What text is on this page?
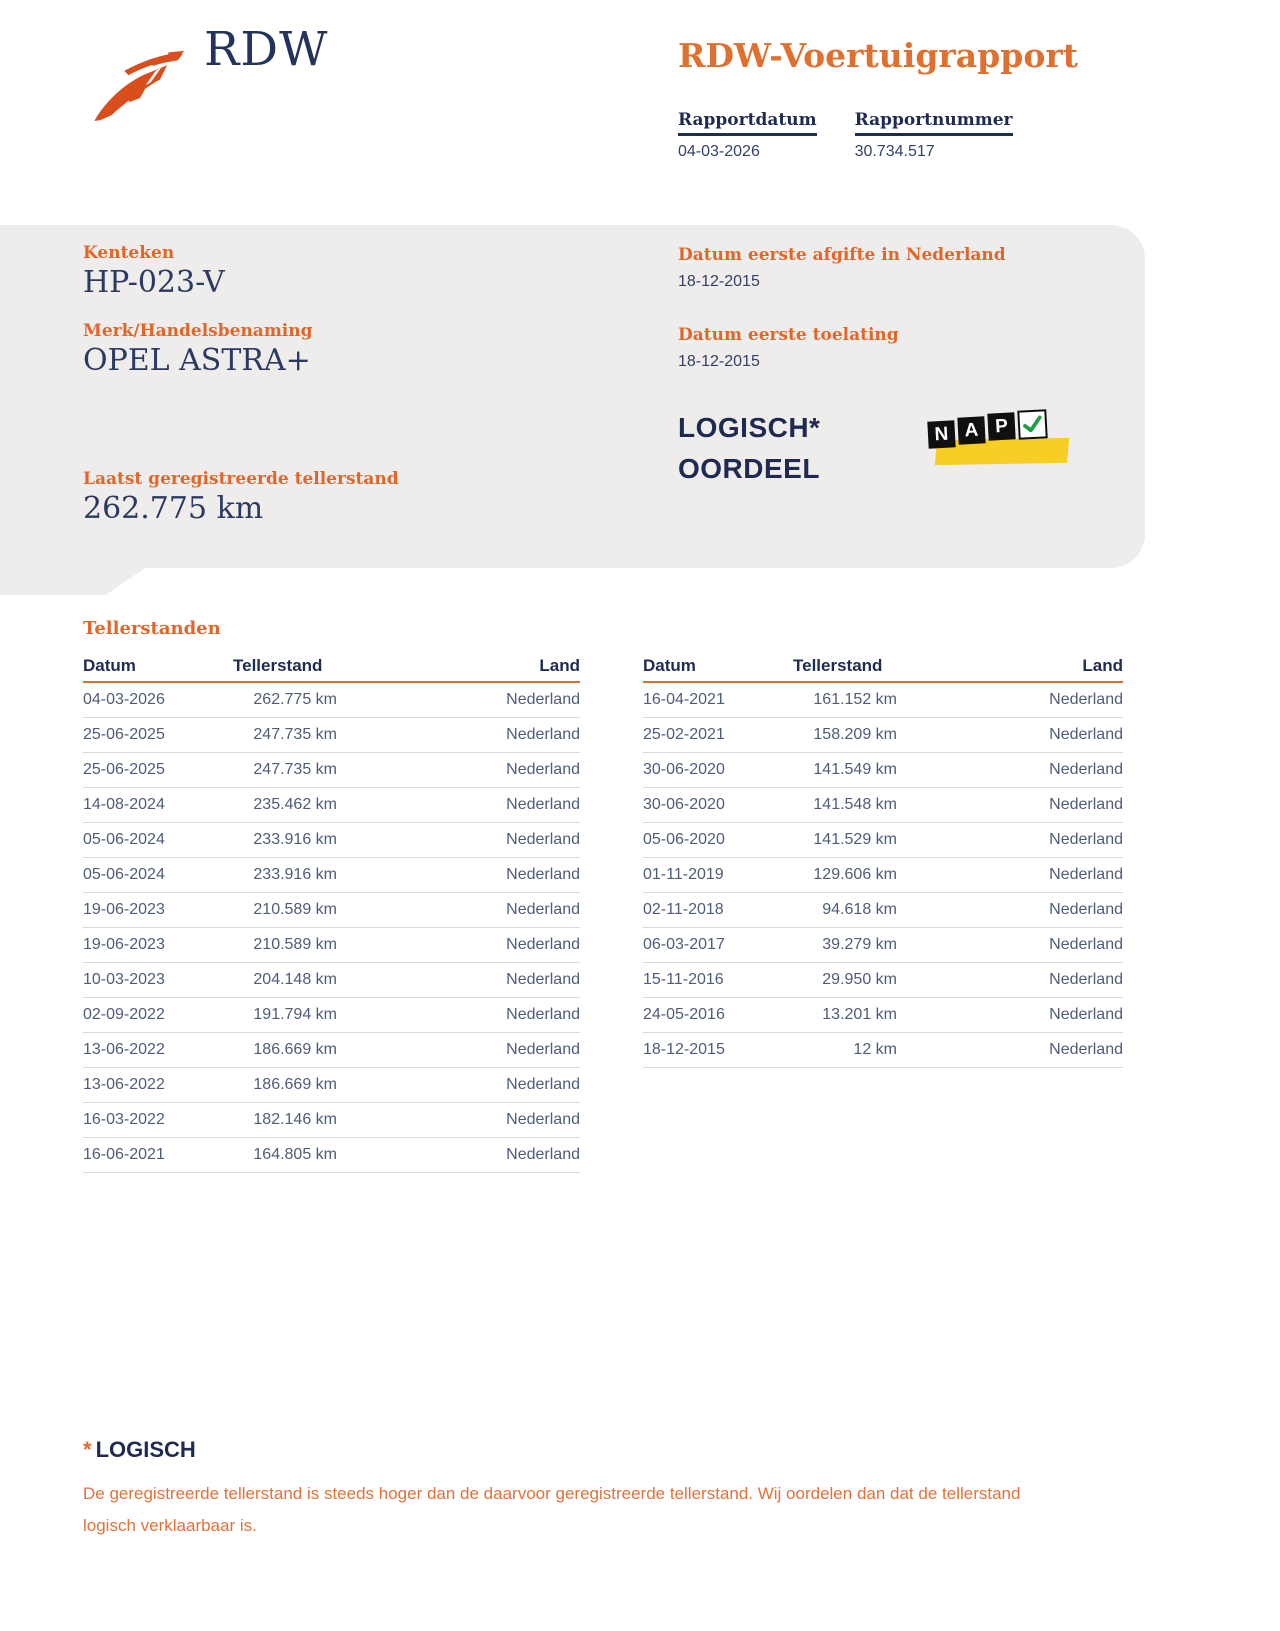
RDW	RDW-Voertuigrapport
Rapportdatum
04-03-2026
Rapportnummer
30.734.517
Kenteken
HP-023-V
Merk/Handelsbenaming
OPEL ASTRA+
Laatst geregistreerde tellerstand
262.775 km
Datum eerste afgifte in Nederland
18-12-2015
Datum eerste toelating
18-12-2015
LOGISCH*
OORDEEL
N A P
Tellerstanden
Datum	Tellerstand	Land
04-03-2026	262.775 km	Nederland
25-06-2025	247.735 km	Nederland
25-06-2025	247.735 km	Nederland
14-08-2024	235.462 km	Nederland
05-06-2024	233.916 km	Nederland
05-06-2024	233.916 km	Nederland
19-06-2023	210.589 km	Nederland
19-06-2023	210.589 km	Nederland
10-03-2023	204.148 km	Nederland
02-09-2022	191.794 km	Nederland
13-06-2022	186.669 km	Nederland
13-06-2022	186.669 km	Nederland
16-03-2022	182.146 km	Nederland
16-06-2021	164.805 km	Nederland
Datum	Tellerstand	Land
16-04-2021	161.152 km	Nederland
25-02-2021	158.209 km	Nederland
30-06-2020	141.549 km	Nederland
30-06-2020	141.548 km	Nederland
05-06-2020	141.529 km	Nederland
01-11-2019	129.606 km	Nederland
02-11-2018	94.618 km	Nederland
06-03-2017	39.279 km	Nederland
15-11-2016	29.950 km	Nederland
24-05-2016	13.201 km	Nederland
18-12-2015	12 km	Nederland
* LOGISCH

De geregistreerde tellerstand is steeds hoger dan de daarvoor geregistreerde tellerstand. Wij oordelen dan dat de tellerstand logisch verklaarbaar is.
